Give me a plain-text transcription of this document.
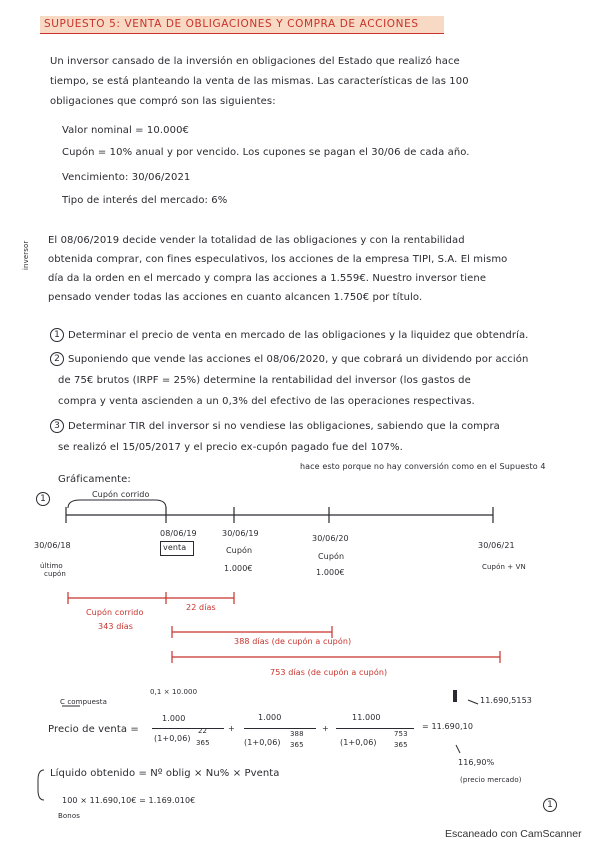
SUPUESTO 5: VENTA DE OBLIGACIONES Y COMPRA DE ACCIONES
Un inversor cansado de la inversión en obligaciones del Estado que realizó hace
tiempo, se está planteando la venta de las mismas. Las características de las 100
obligaciones que compró son las siguientes:
Valor nominal = 10.000€
Cupón = 10% anual y por vencido. Los cupones se pagan el 30/06 de cada año.
Vencimiento: 30/06/2021
Tipo de interés del mercado: 6%
inversor
El 08/06/2019 decide vender la totalidad de las obligaciones y con la rentabilidad
obtenida comprar, con fines especulativos, los acciones de la empresa TIPI, S.A. El mismo
día da la orden en el mercado y compra las acciones a 1.559€. Nuestro inversor tiene
pensado vender todas las acciones en cuanto alcancen 1.750€ por título.
1 Determinar el precio de venta en mercado de las obligaciones y la liquidez que obtendría.
2 Suponiendo que vende las acciones el 08/06/2020, y que cobrará un dividendo por acción
de 75€ brutos (IRPF = 25%) determine la rentabilidad del inversor (los gastos de
compra y venta ascienden a un 0,3% del efectivo de las operaciones respectivas.
3 Determinar TIR del inversor si no vendiese las obligaciones, sabiendo que la compra
se realizó el 15/05/2017 y el precio ex-cupón pagado fue del 107%.
hace esto porque no hay conversión como en el Supuesto 4
Gráficamente:
1	Cupón corrido
30/06/18
último
cupón
08/06/19
venta
30/06/19
Cupón
1.000€
30/06/20
Cupón
1.000€
30/06/21
Cupón + VN
Cupón corrido
343 días
22 días
388 días (de cupón a cupón)
753 días (de cupón a cupón)
C compuesta
0,1 × 10.000
Precio de venta =
1.000
(1+0,06)
22
365
+
1.000
(1+0,06)
388
365
+
11.000
(1+0,06)
753
365
= 11.690,10
11.690,5153
116,90%
(precio mercado)
Líquido obtenido = Nº oblig × Nu% × Pventa
100 × 11.690,10€ = 1.169.010€
Bonos
1
Escaneado con CamScanner
